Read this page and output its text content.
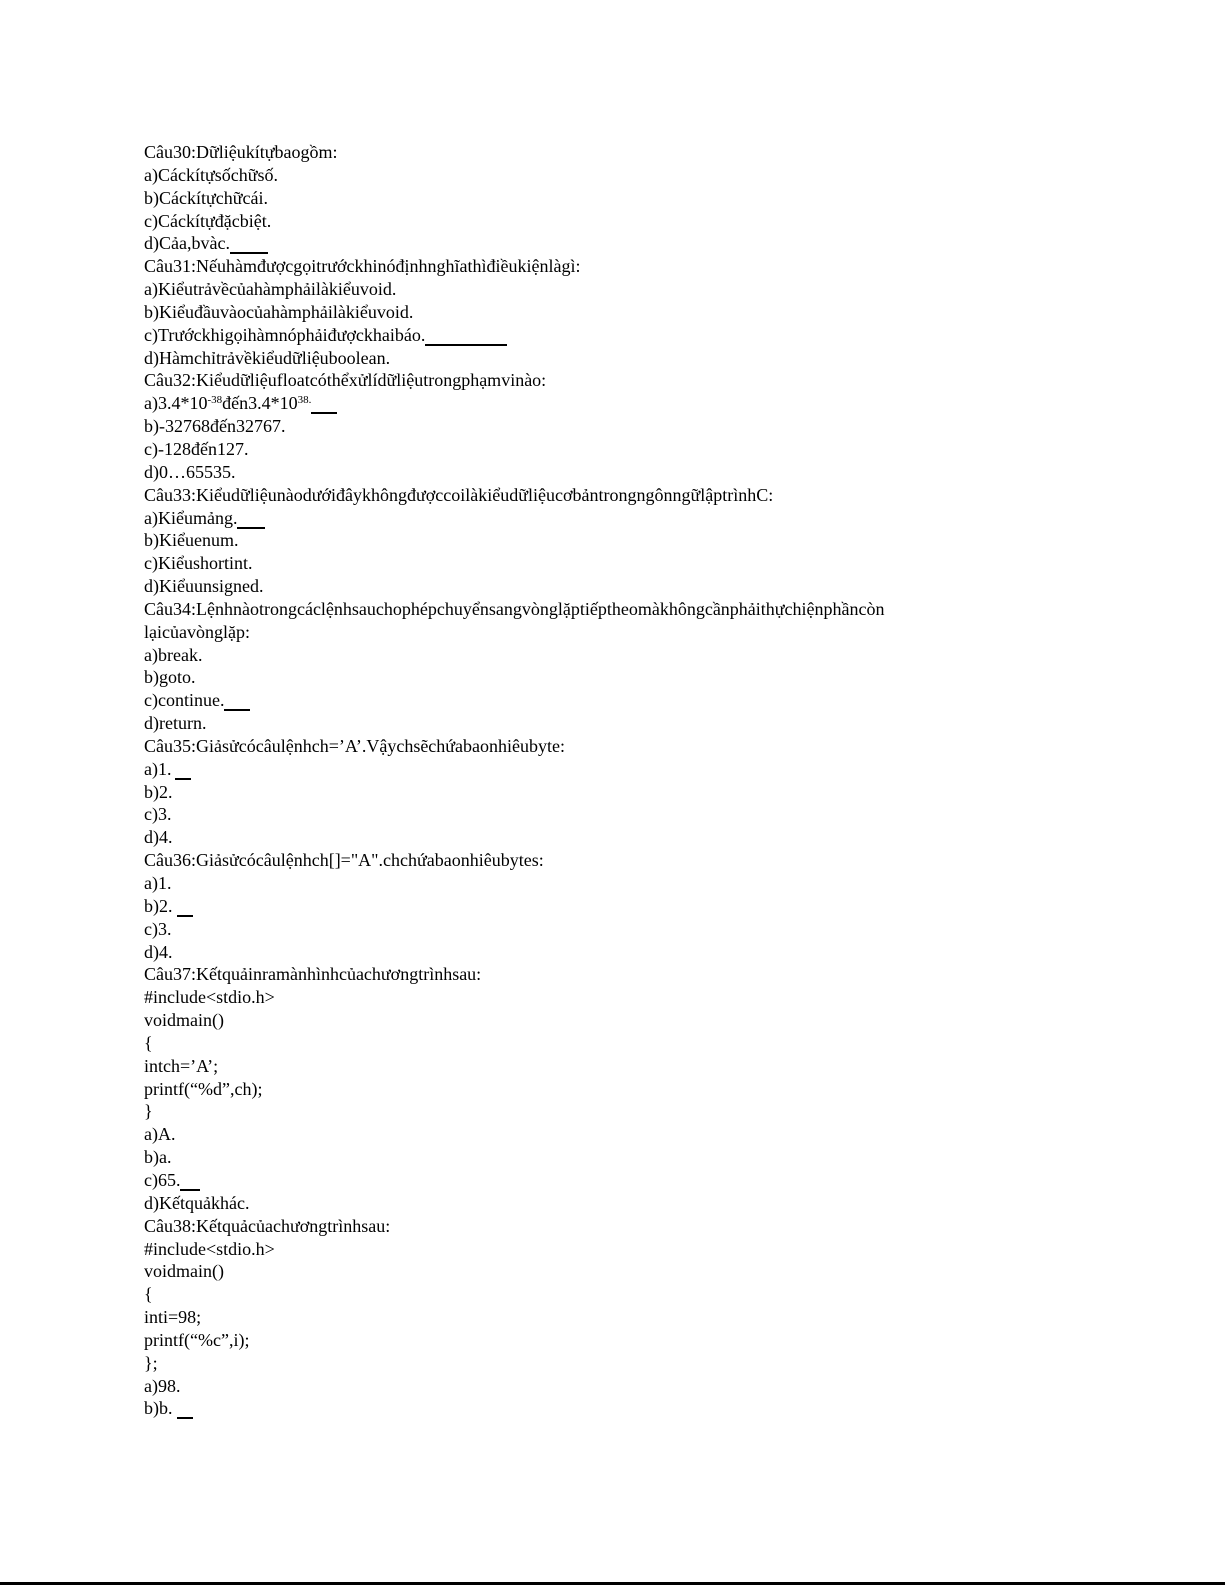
Câu30:Dữliệukítựbaogồm:
a)Cáckítựsốchữsố.
b)Cáckítựchữcái.
c)Cáckítựđặcbiệt.
d)Cảa,bvàc.
Câu31:Nếuhàmđượcgọitrướckhinóđịnhnghĩathìđiềukiệnlàgì:
a)Kiểutrảvềcủahàmphảilàkiểuvoid.
b)Kiểuđầuvàocủahàmphảilàkiểuvoid.
c)Trướckhigọihàmnóphảiđượckhaibáo.
d)Hàmchỉtrảvềkiểudữliệuboolean.
Câu32:Kiểudữliệufloatcóthểxửlídữliệutrongphạmvinào:
$a)3.4*10^{-38}đến3.4*10^{38.}$
b)-32768đến32767.
c)-128đến127.
d)0…65535.
Câu33:KiểudữliệunàodướiđâykhôngđượccoilàkiểudữliệucơbảntrongngônngữlậptrìnhC:
a)Kiểumảng.
b)Kiểuenum.
c)Kiểushortint.
d)Kiểuunsigned.
Câu34:Lệnhnàotrongcáclệnhsauchophépchuyểnsangvònglặptiếptheomàkhôngcầnphảithựchiệnphầncòn
lạicủavònglặp:
a)break.
b)goto.
c)continue.
d)return.
Câu35:Giảsửcócâulệnhch=’A’.Vậychsẽchứabaonhiêubyte:
a)1.
b)2.
c)3.
d)4.
Câu36:Giảsửcócâulệnhch[]="A".chchứabaonhiêubytes:
a)1.
b)2.
c)3.
d)4.
Câu37:Kếtquảinramànhìnhcủachươngtrìnhsau:
#include<stdio.h>
voidmain()
{
intch=’A’;
printf(“%d”,ch);
}
a)A.
b)a.
c)65.
d)Kếtquảkhác.
Câu38:Kếtquảcủachươngtrìnhsau:
#include<stdio.h>
voidmain()
{
inti=98;
printf(“%c”,i);
};
a)98.
b)b.
